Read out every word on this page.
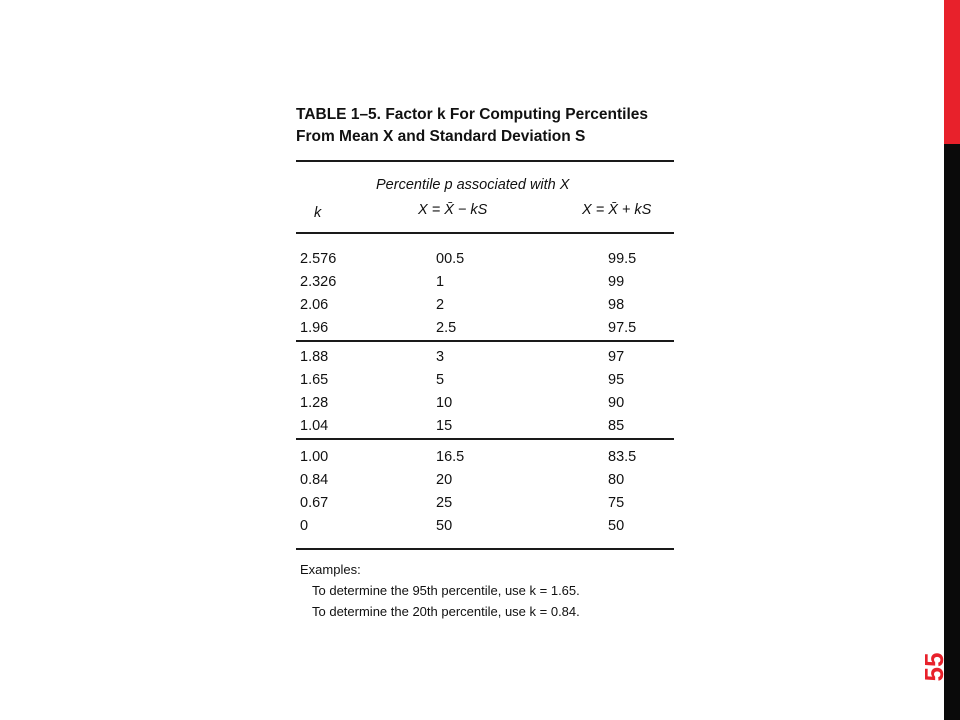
55
TABLE 1–5. Factor k For Computing Percentiles
From Mean X and Standard Deviation S
Percentile p associated with X
k	X = X̄ − kS	X = X̄ + kS
2.576	00.5	99.5
2.326	1	99
2.06	2	98
1.96	2.5	97.5
1.88	3	97
1.65	5	95
1.28	10	90
1.04	15	85
1.00	16.5	83.5
0.84	20	80
0.67	25	75
0	50	50
Examples:
To determine the 95th percentile, use k = 1.65.
To determine the 20th percentile, use k = 0.84.
